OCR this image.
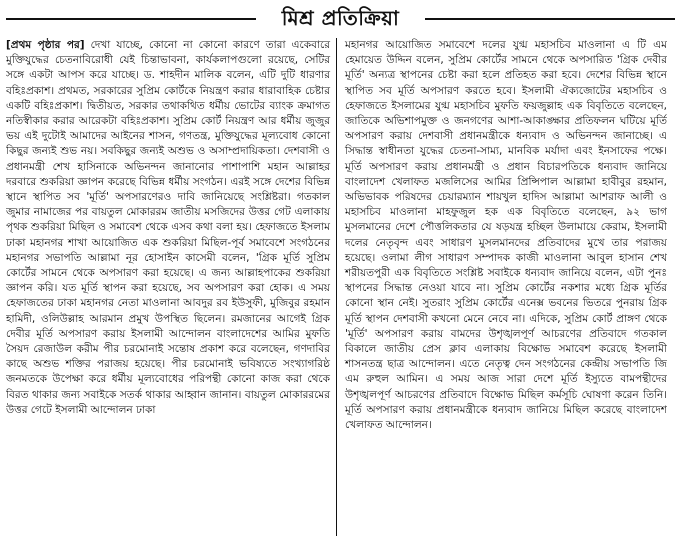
মিশ্র প্রতিক্রিয়া
[প্রথম পৃষ্ঠার পর] দেখা যাচ্ছে, কোনো না কোনো কারণে তারা একেবারে মুক্তিযুদ্ধের চেতনাবিরোধী যেই চিন্তাভাবনা, কার্যকলাপগুলো রয়েছে, সেটির সঙ্গে একটা আপস করে যাচ্ছে। ড. শাহদীন মালিক বলেন, এটি দুটি ধারণার বহিঃপ্রকাশ। প্রথমত, সরকারের সুপ্রিম কোর্টকে নিয়ন্ত্রণ করার ধারাবাহিক চেষ্টার একটি বহিঃপ্রকাশ। দ্বিতীয়ত, সরকার তথাকথিত ধর্মীয় ভোটের ব্যাংক ক্রমাগত নতিস্বীকার করার আরেকটা বহিঃপ্রকাশ। সুপ্রিম কোর্ট নিয়ন্ত্রণ আর ধর্মীয় জুজুর ভয় এই দুটোই আমাদের আইনের শাসন, গণতন্ত্র, মুক্তিযুদ্ধের মূল্যবোধ কোনো কিছুর জন্যই শুভ নয়। সবকিছুর জন্যই অশুভ ও অসাম্প্রদায়িকতা। দেশবাসী ও প্রধানমন্ত্রী শেখ হাসিনাকে অভিনন্দন জানানোর পাশাপাশি মহান আল্লাহর দরবারে শুকরিয়া জ্ঞাপন করেছে বিভিন্ন ধর্মীয় সংগঠন। এরই সঙ্গে দেশের বিভিন্ন স্থানে স্থাপিত সব 'মূর্তি' অপসারণেরও দাবি জানিয়েছে সংশ্লিষ্টরা। গতকাল জুমার নামাজের পর বায়তুল মোকাররম জাতীয় মসজিদের উত্তর গেট এলাকায় পৃথক শুকরিয়া মিছিল ও সমাবেশ থেকে এসব কথা বলা হয়। হেফাজতে ইসলাম ঢাকা মহানগর শাখা আয়োজিত এক শুকরিয়া মিছিল-পূর্ব সমাবেশে সংগঠনের মহানগর সভাপতি আল্লামা নূর হোসাইন কাসেমী বলেন, 'গ্রিক মূর্তি সুপ্রিম কোর্টের সামনে থেকে অপসারণ করা হয়েছে। এ জন্য আল্লাহপাকের শুকরিয়া জ্ঞাপন করি। যত মূর্তি স্থাপন করা হয়েছে, সব অপসারণ করা হোক। এ সময় হেফাজতের ঢাকা মহানগর নেতা মাওলানা আবদুর রব ইউসুফী, মুজিবুর রহমান হামিদী, ওলিউল্লাহ আরমান প্রমুখ উপস্থিত ছিলেন। রমজানের আগেই গ্রিক দেবীর মূর্তি অপসারণ করায় ইসলামী আন্দোলন বাংলাদেশের আমির মুফতি সৈয়দ রেজাউল করীম পীর চরমোনাই সন্তোষ প্রকাশ করে বলেছেন, গণদাবির কাছে অশুভ শক্তির পরাজয় হয়েছে। পীর চরমোনাই ভবিষ্যতে সংখ্যাগরিষ্ঠ জনমতকে উপেক্ষা করে ধর্মীয় মূল্যবোধের পরিপন্থী কোনো কাজ করা থেকে বিরত থাকার জন্য সবাইকে সতর্ক থাকার আহ্বান জানান। বায়তুল মোকাররমের উত্তর গেটে ইসলামী আন্দোলন ঢাকা
মহানগর আয়োজিত সমাবেশে দলের যুগ্ম মহাসচিব মাওলানা এ টি এম হেমায়েত উদ্দিন বলেন, সুপ্রিম কোর্টের সামনে থেকে অপসারিত 'গ্রিক দেবীর মূর্তি' অন্যত্র স্থাপনের চেষ্টা করা হলে প্রতিহত করা হবে। দেশের বিভিন্ন স্থানে স্থাপিত সব মূর্তি অপসারণ করতে হবে। ইসলামী ঐক্যজোটের মহাসচিব ও হেফাজতে ইসলামের যুগ্ম মহাসচিব মুফতি ফয়জুল্লাহ এক বিবৃতিতে বলেছেন, জাতিকে অভিশাপমুক্ত ও জনগণের আশা-আকাঙ্ক্ষার প্রতিফলন ঘটিয়ে মূর্তি অপসারণ করায় দেশবাসী প্রধানমন্ত্রীকে ধন্যবাদ ও অভিনন্দন জানাচ্ছে। এ সিদ্ধান্ত স্বাধীনতা যুদ্ধের চেতনা-সাম্য, মানবিক মর্যাদা এবং ইনসাফের পক্ষে। মূর্তি অপসারণ করায় প্রধানমন্ত্রী ও প্রধান বিচারপতিকে ধন্যবাদ জানিয়ে বাংলাদেশ খেলাফত মজলিসের আমির প্রিন্সিপাল আল্লামা হাবীবুর রহমান, অভিভাবক পরিষদের চেয়ারম্যান শায়খুল হাদিস আল্লামা আশরাফ আলী ও মহাসচিব মাওলানা মাহফুজুল হক এক বিবৃতিতে বলেছেন, ৯২ ভাগ মুসলমানের দেশে পৌত্তলিকতার যে ষড়যন্ত্র হচ্ছিল উলামায়ে কেরাম, ইসলামী দলের নেতৃবৃন্দ এবং সাধারণ মুসলমানদের প্রতিবাদের মুখে তার পরাজয় হয়েছে। ওলামা লীগ সাধারণ সম্পাদক কাজী মাওলানা আবুল হাসান শেখ শরীয়তপুরী এক বিবৃতিতে সংশ্লিষ্ট সবাইকে ধন্যবাদ জানিয়ে বলেন, এটা পুনঃ স্থাপনের সিদ্ধান্ত নেওয়া যাবে না। সুপ্রিম কোর্টের নকশার মধ্যে গ্রিক মূর্তির কোনো স্থান নেই। সুতরাং সুপ্রিম কোর্টের এনেক্স ভবনের ভিতরে পুনরায় গ্রিক মূর্তি স্থাপন দেশবাসী কখনো মেনে নেবে না। এদিকে, সুপ্রিম কোর্ট প্রাঙ্গণ থেকে 'মূর্তি' অপসারণ করায় বামদের উশৃঙ্খলপূর্ণ আচরণের প্রতিবাদে গতকাল বিকালে জাতীয় প্রেস ক্লাব এলাকায় বিক্ষোভ সমাবেশ করেছে ইসলামী শাসনতন্ত্র ছাত্র আন্দোলন। এতে নেতৃত্ব দেন সংগঠনের কেন্দ্রীয় সভাপতি জি এম রুহুল আমিন। এ সময় আজ সারা দেশে মূর্তি ইস্যুতে বামপন্থীদের উশৃঙ্খলপূর্ণ আচরণের প্রতিবাদে বিক্ষোভ মিছিল কর্মসূচি ঘোষণা করেন তিনি। মূর্তি অপসারণ করায় প্রধানমন্ত্রীকে ধন্যবাদ জানিয়ে মিছিল করেছে বাংলাদেশ খেলাফত আন্দোলন।
